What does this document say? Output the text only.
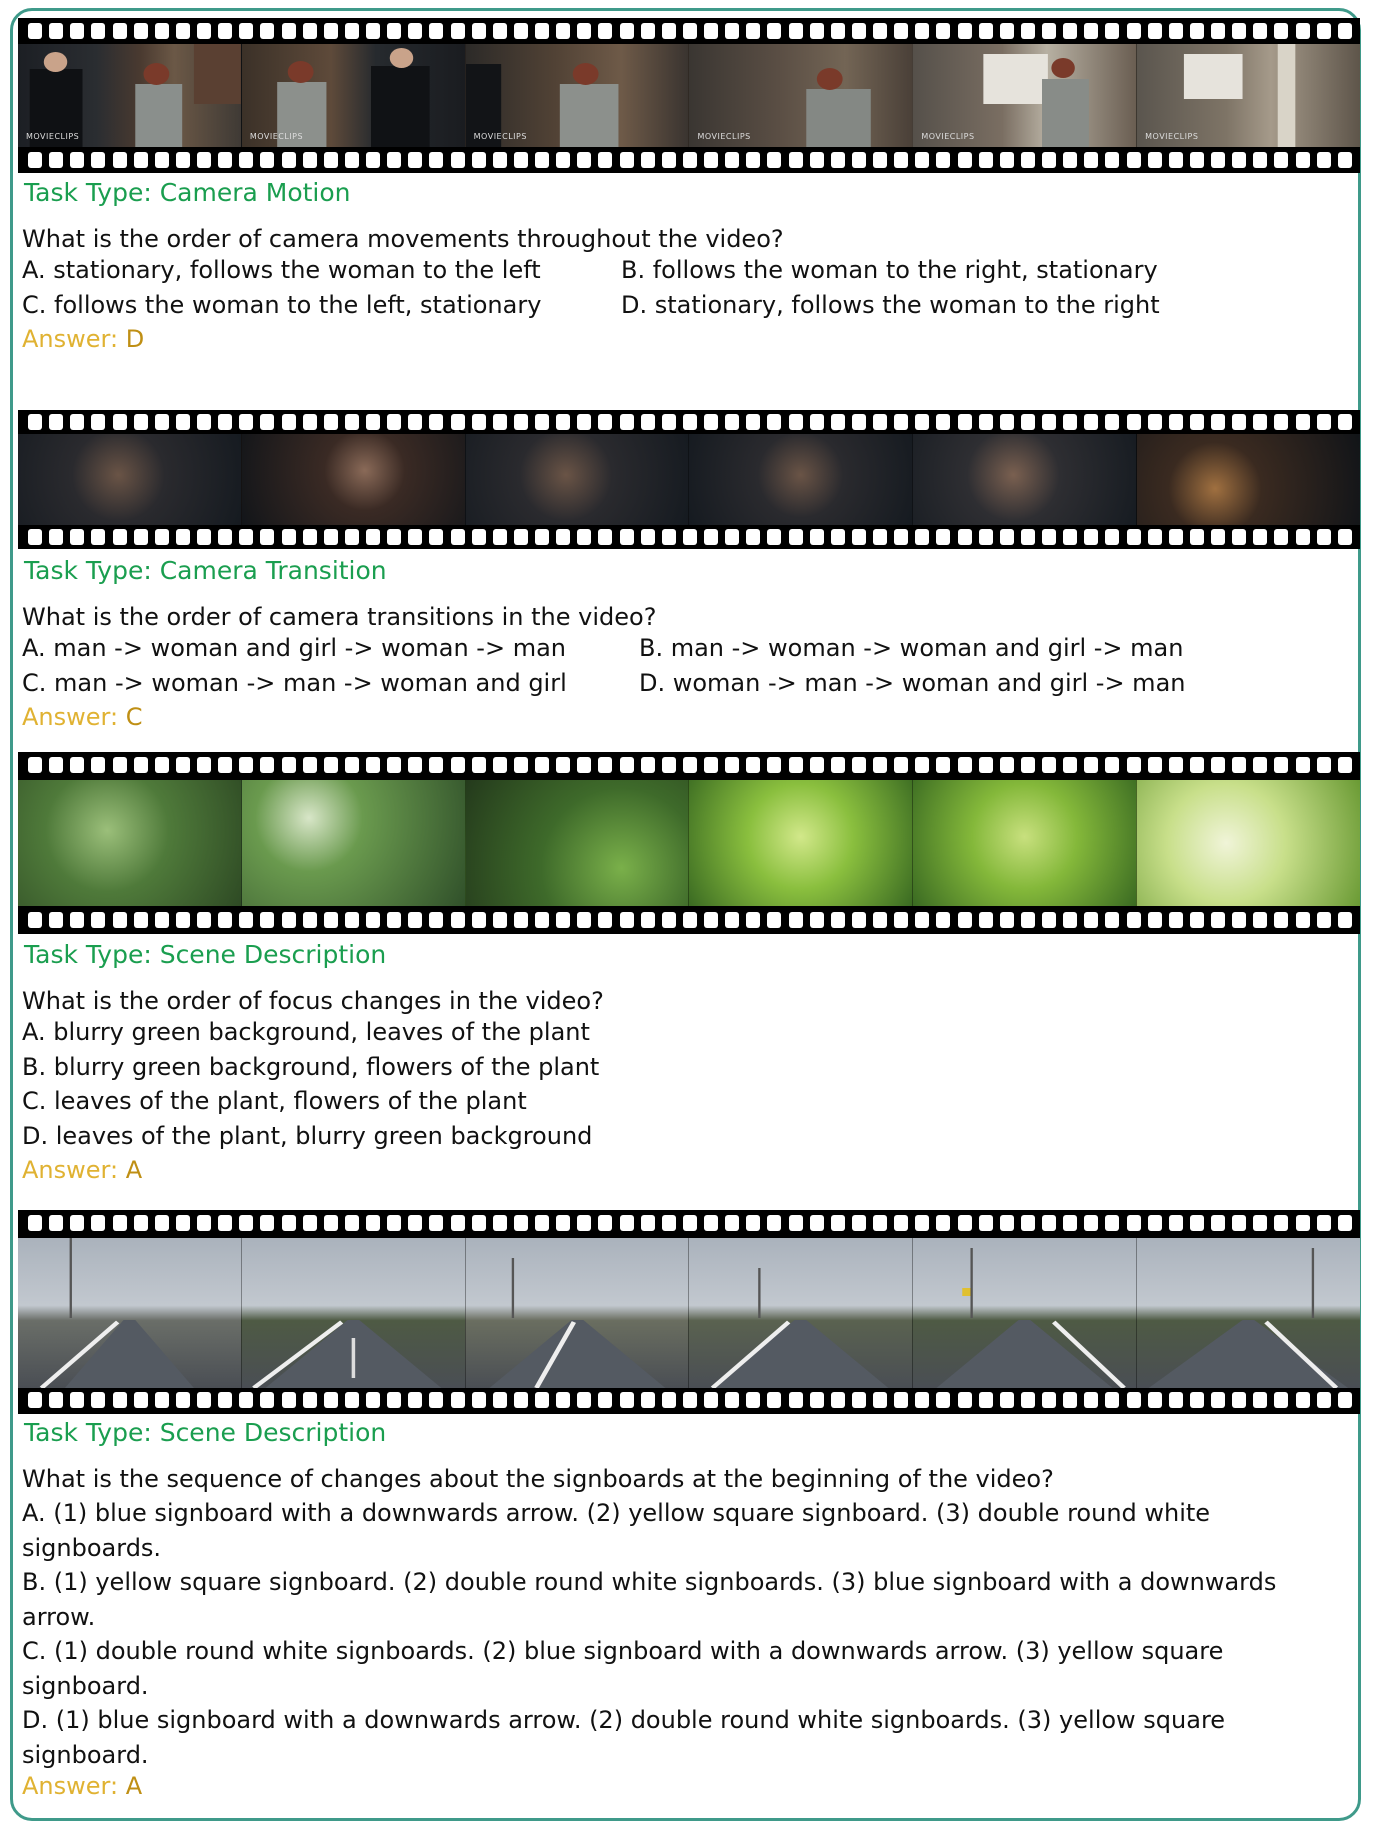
MOVIECLIPS	MOVIECLIPS	MOVIECLIPS	MOVIECLIPS	MOVIECLIPS	MOVIECLIPS
Task Type: Camera Motion
What is the order of camera movements throughout the video?
A. stationary, follows the woman to the left	B. follows the woman to the right, stationary
C. follows the woman to the left, stationary	D. stationary, follows the woman to the right
Answer: D
Task Type: Camera Transition
What is the order of camera transitions in the video?
A. man -> woman and girl -> woman -> man	B. man -> woman -> woman and girl -> man
C. man -> woman -> man -> woman and girl	D. woman -> man -> woman and girl -> man
Answer: C
Task Type: Scene Description
What is the order of focus changes in the video?
A. blurry green background, leaves of the plant
B. blurry green background, flowers of the plant
C. leaves of the plant, flowers of the plant
D. leaves of the plant, blurry green background
Answer: A
Task Type: Scene Description
What is the sequence of changes about the signboards at the beginning of the video?
A. (1) blue signboard with a downwards arrow. (2) yellow square signboard. (3) double round white signboards.
B. (1) yellow square signboard. (2) double round white signboards. (3) blue signboard with a downwards arrow.
C. (1) double round white signboards. (2) blue signboard with a downwards arrow. (3) yellow square signboard.
D. (1) blue signboard with a downwards arrow. (2) double round white signboards. (3) yellow square signboard.
Answer: A
